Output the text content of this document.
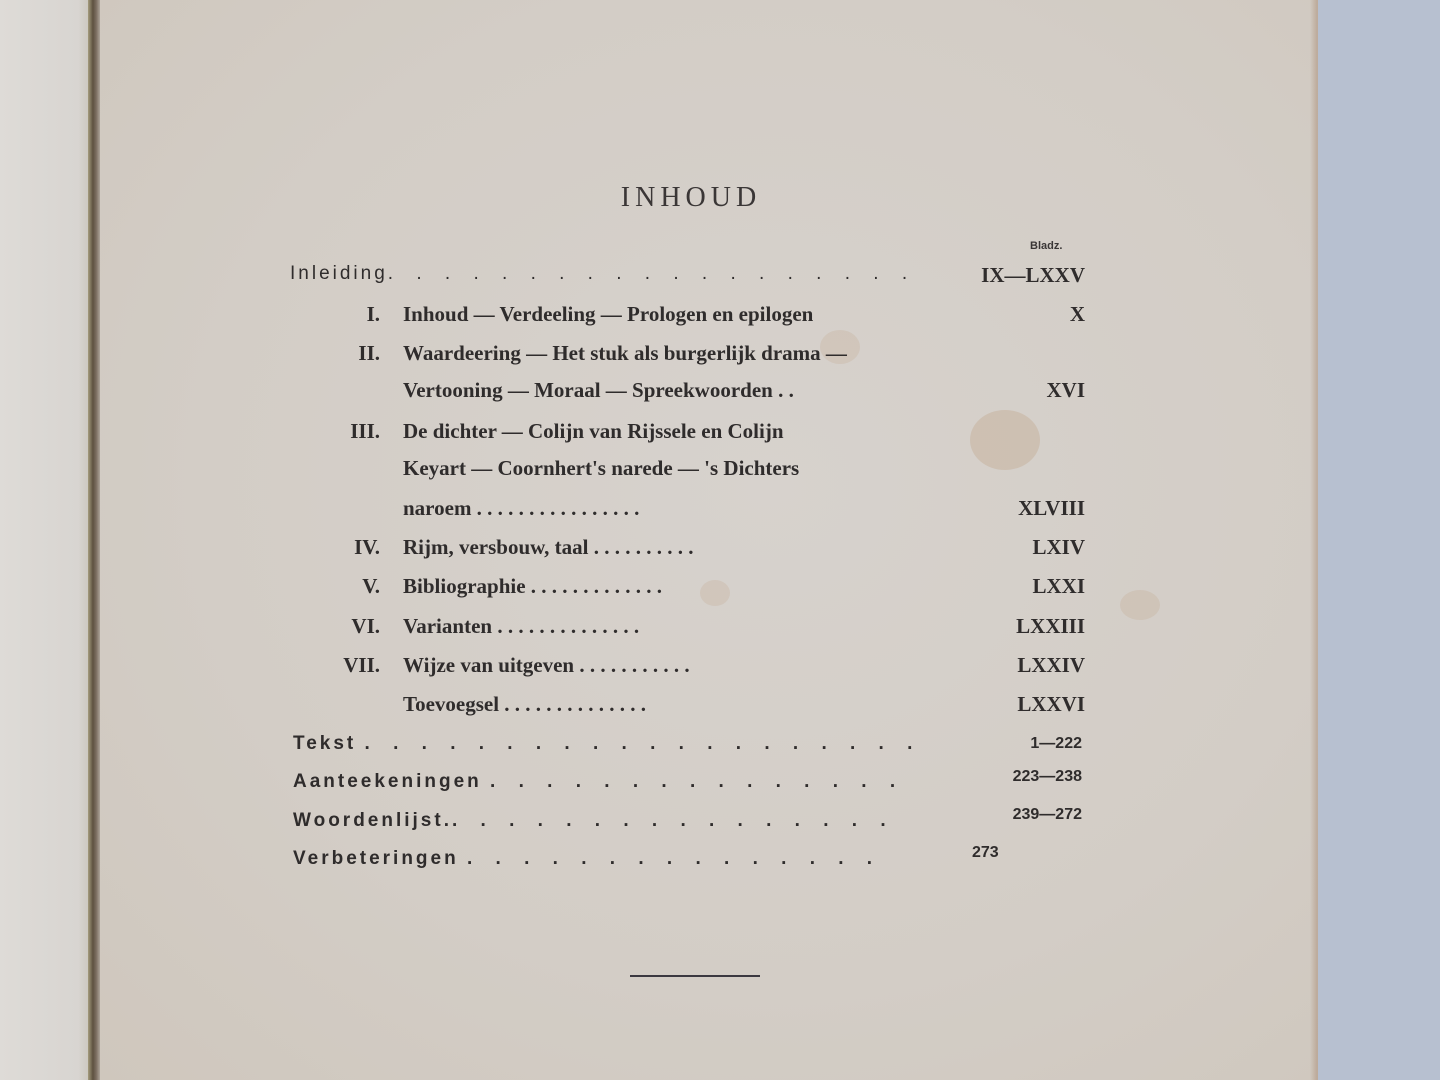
INHOUD
Bladz.
Inleiding. . . . . . . . . . . . . . . . . . .	IX—LXXV
I. Inhoud — Verdeeling — Prologen en epilogen	X
II. Waardeering — Het stuk als burgerlijk drama —
Vertooning — Moraal — Spreekwoorden . .	XVI
III. De dichter — Colijn van Rijssele en Colijn
Keyart — Coornhert's narede — 's Dichters
naroem . . . . . . . . . . . . . . . .	XLVIII
IV. Rijm, versbouw, taal . . . . . . . . . .	LXIV
V. Bibliographie . . . . . . . . . . . . .	LXXI
VI. Varianten . . . . . . . . . . . . . .	LXXIII
VII. Wijze van uitgeven . . . . . . . . . . .	LXXIV
Toevoegsel . . . . . . . . . . . . . .	LXXVI
Tekst . . . . . . . . . . . . . . . . . . . .	1—222
Aanteekeningen . . . . . . . . . . . . . . .	223—238
Woordenlijst.. . . . . . . . . . . . . . . .	239—272
Verbeteringen . . . . . . . . . . . . . . .	273
